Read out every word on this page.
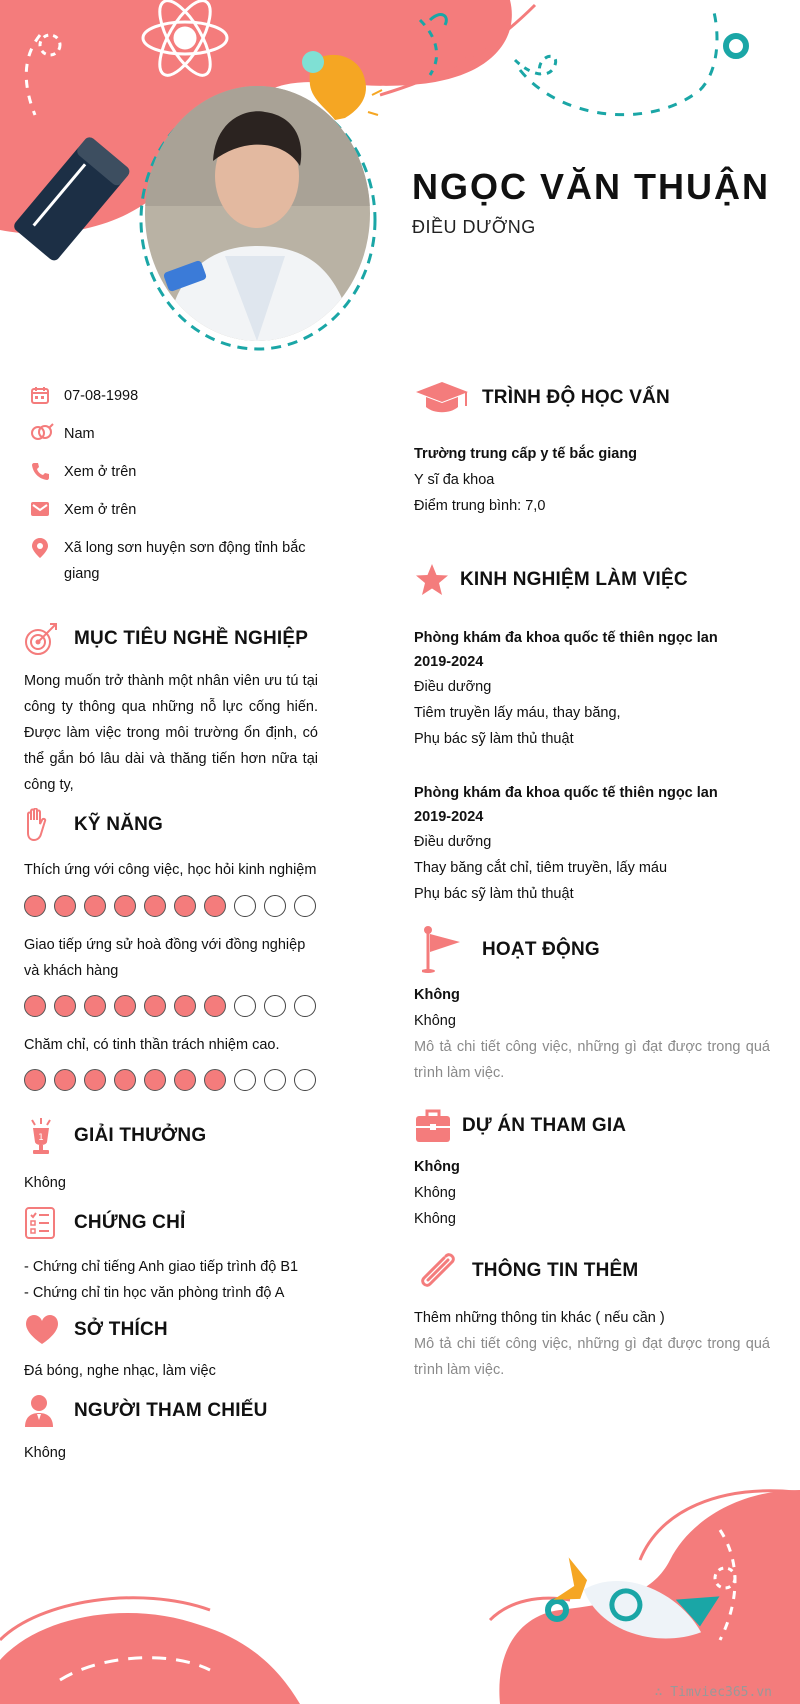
NGỌC VĂN THUẬN
ĐIỀU DƯỠNG
07-08-1998
Nam
Xem ở trên
Xem ở trên
Xã long sơn huyện sơn động tỉnh bắc giang
MỤC TIÊU NGHỀ NGHIỆP
Mong muốn trở thành một nhân viên ưu tú tại công ty thông qua những nỗ lực cống hiến. Được làm việc trong môi trường ổn định, có thể gắn bó lâu dài và thăng tiến hơn nữa tại công ty,
KỸ NĂNG
Thích ứng với công việc, học hỏi kinh nghiệm
Giao tiếp ứng sử hoà đồng với đồng nghiệp và khách hàng
Chăm chỉ, có tinh thần trách nhiệm cao.
1 GIẢI THƯỞNG
Không
CHỨNG CHỈ
- Chứng chỉ tiếng Anh giao tiếp trình độ B1
- Chứng chỉ tin học văn phòng trình độ A
SỞ THÍCH
Đá bóng, nghe nhạc, làm việc
NGƯỜI THAM CHIẾU
Không
TRÌNH ĐỘ HỌC VẤN
Trường trung cấp y tế bắc giang
Y sĩ đa khoa
Điểm trung bình: 7,0
KINH NGHIỆM LÀM VIỆC
Phòng khám đa khoa quốc tế thiên ngọc lan
2019-2024
Điều dưỡng
Tiêm truyền lấy máu, thay băng,
Phụ bác sỹ làm thủ thuật
Phòng khám đa khoa quốc tế thiên ngọc lan
2019-2024
Điều dưỡng
Thay băng cắt chỉ, tiêm truyền, lấy máu
Phụ bác sỹ làm thủ thuật
HOẠT ĐỘNG
Không
Không
Mô tả chi tiết công việc, những gì đạt được trong quá trình làm việc.
DỰ ÁN THAM GIA
Không
Không
Không
THÔNG TIN THÊM
Thêm những thông tin khác ( nếu cần )
Mô tả chi tiết công việc, những gì đạt được trong quá trình làm việc.
∴ Timviec365.vn
